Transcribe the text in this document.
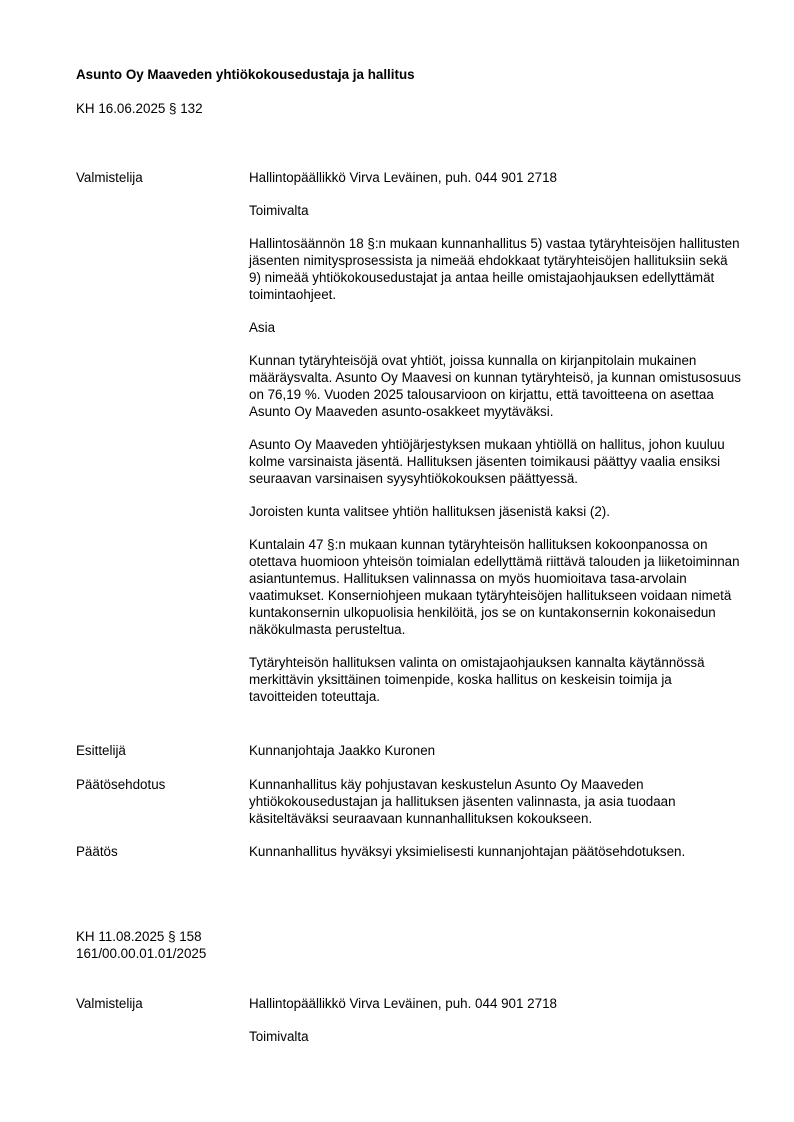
Asunto Oy Maaveden yhtiökokousedustaja ja hallitus
KH 16.06.2025 § 132
Valmistelija	Hallintopäällikkö Virva Leväinen, puh. 044 901 2718

Toimivalta

Hallintosäännön 18 §:n mukaan kunnanhallitus 5) vastaa tytäryhteisöjen hallitusten jäsenten nimitysprosessista ja nimeää ehdokkaat tytäryhteisöjen hallituksiin sekä 9) nimeää yhtiökokousedustajat ja antaa heille omistajaohjauksen edellyttämät toimintaohjeet.

Asia

Kunnan tytäryhteisöjä ovat yhtiöt, joissa kunnalla on kirjanpitolain mukainen määräysvalta. Asunto Oy Maavesi on kunnan tytäryhteisö, ja kunnan omistusosuus on 76,19 %. Vuoden 2025 talousarvioon on kirjattu, että tavoitteena on asettaa Asunto Oy Maaveden asunto-osakkeet myytäväksi.

Asunto Oy Maaveden yhtiöjärjestyksen mukaan yhtiöllä on hallitus, johon kuuluu kolme varsinaista jäsentä. Hallituksen jäsenten toimikausi päättyy vaalia ensiksi seuraavan varsinaisen syysyhtiökokouksen päättyessä.

Joroisten kunta valitsee yhtiön hallituksen jäsenistä kaksi (2).

Kuntalain 47 §:n mukaan kunnan tytäryhteisön hallituksen kokoonpanossa on otettava huomioon yhteisön toimialan edellyttämä riittävä talouden ja liiketoiminnan asiantuntemus. Hallituksen valinnassa on myös huomioitava tasa-arvolain vaatimukset. Konserniohjeen mukaan tytäryhteisöjen hallitukseen voidaan nimetä kuntakonsernin ulkopuolisia henkilöitä, jos se on kuntakonsernin kokonaisedun näkökulmasta perusteltua.

Tytäryhteisön hallituksen valinta on omistajaohjauksen kannalta käytännössä merkittävin yksittäinen toimenpide, koska hallitus on keskeisin toimija ja tavoitteiden toteuttaja.

Esittelijä	Kunnanjohtaja Jaakko Kuronen
Päätösehdotus	Kunnanhallitus käy pohjustavan keskustelun Asunto Oy Maaveden yhtiökokousedustajan ja hallituksen jäsenten valinnasta, ja asia tuodaan käsiteltäväksi seuraavaan kunnanhallituksen kokoukseen.
Päätös	Kunnanhallitus hyväksyi yksimielisesti kunnanjohtajan päätösehdotuksen.
KH 11.08.2025 § 158
161/00.00.01.01/2025
Valmistelija	Hallintopäällikkö Virva Leväinen, puh. 044 901 2718

Toimivalta
